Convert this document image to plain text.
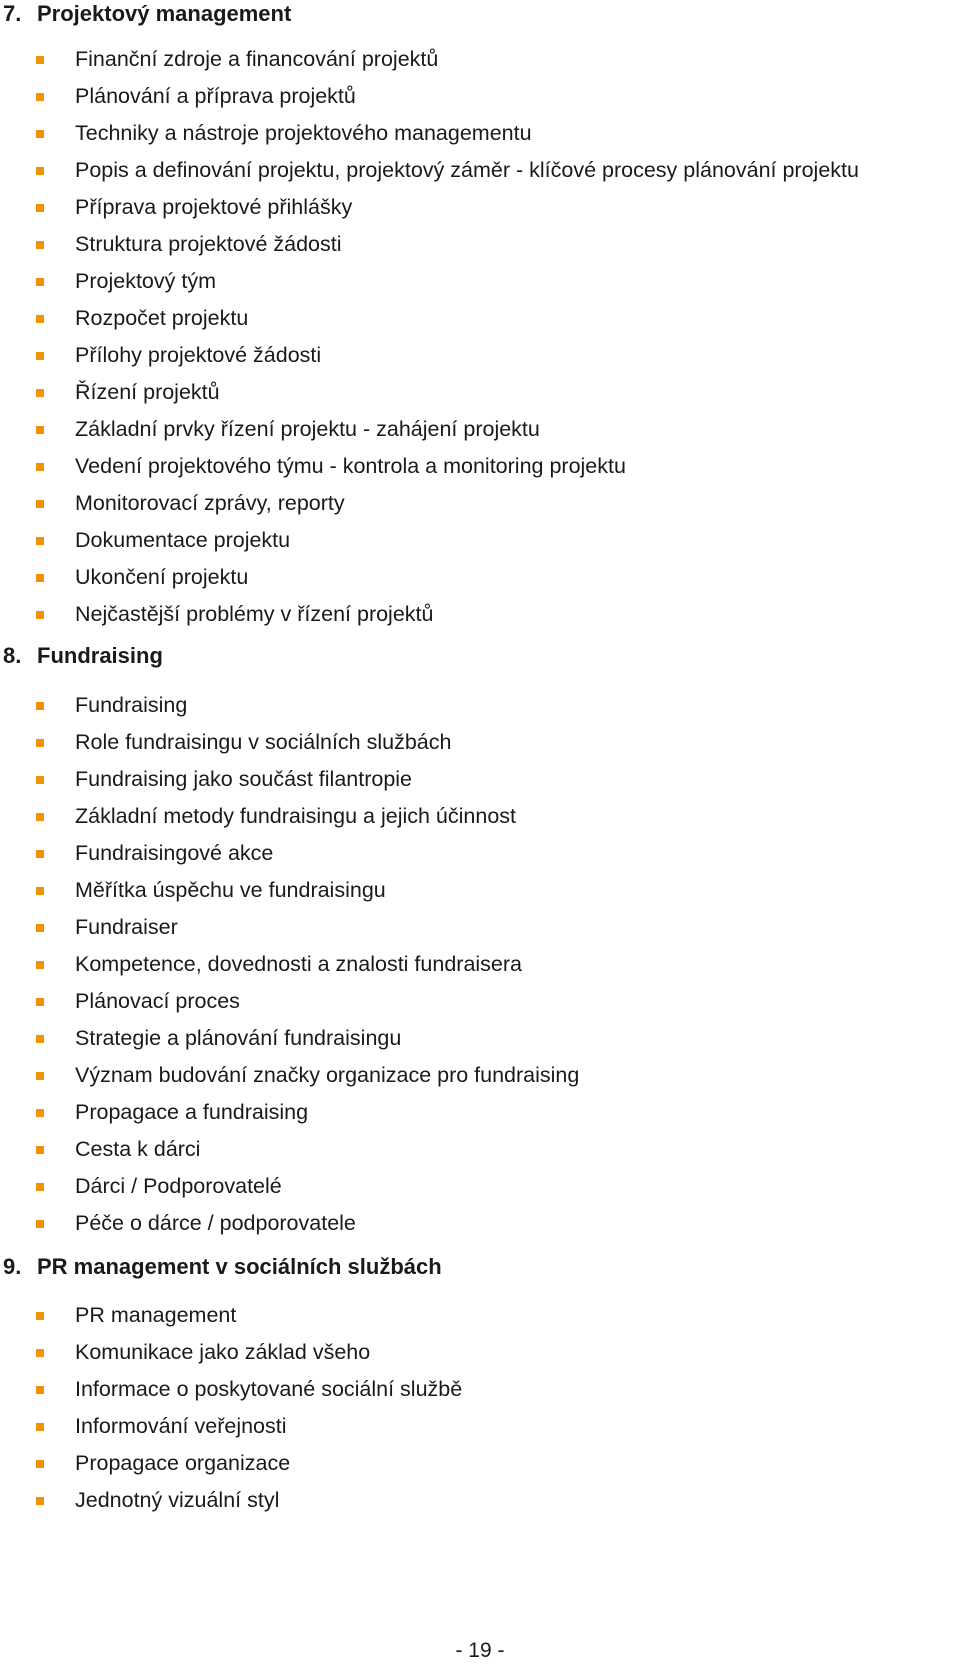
7. Projektový management
Finanční zdroje a financování projektů
Plánování a příprava projektů
Techniky a nástroje projektového managementu
Popis a definování projektu, projektový záměr - klíčové procesy plánování projektu
Příprava projektové přihlášky
Struktura projektové žádosti
Projektový tým
Rozpočet projektu
Přílohy projektové žádosti
Řízení projektů
Základní prvky řízení projektu - zahájení projektu
Vedení projektového týmu - kontrola a monitoring projektu
Monitorovací zprávy, reporty
Dokumentace projektu
Ukončení projektu
Nejčastější problémy v řízení projektů
8. Fundraising
Fundraising
Role fundraisingu v sociálních službách
Fundraising jako součást filantropie
Základní metody fundraisingu a jejich účinnost
Fundraisingové akce
Měřítka úspěchu ve fundraisingu
Fundraiser
Kompetence, dovednosti a znalosti fundraisera
Plánovací proces
Strategie a plánování fundraisingu
Význam budování značky organizace pro fundraising
Propagace a fundraising
Cesta k dárci
Dárci / Podporovatelé
Péče o dárce / podporovatele
9. PR management v sociálních službách
PR management
Komunikace jako základ všeho
Informace o poskytované sociální službě
Informování veřejnosti
Propagace organizace
Jednotný vizuální styl
- 19 -
